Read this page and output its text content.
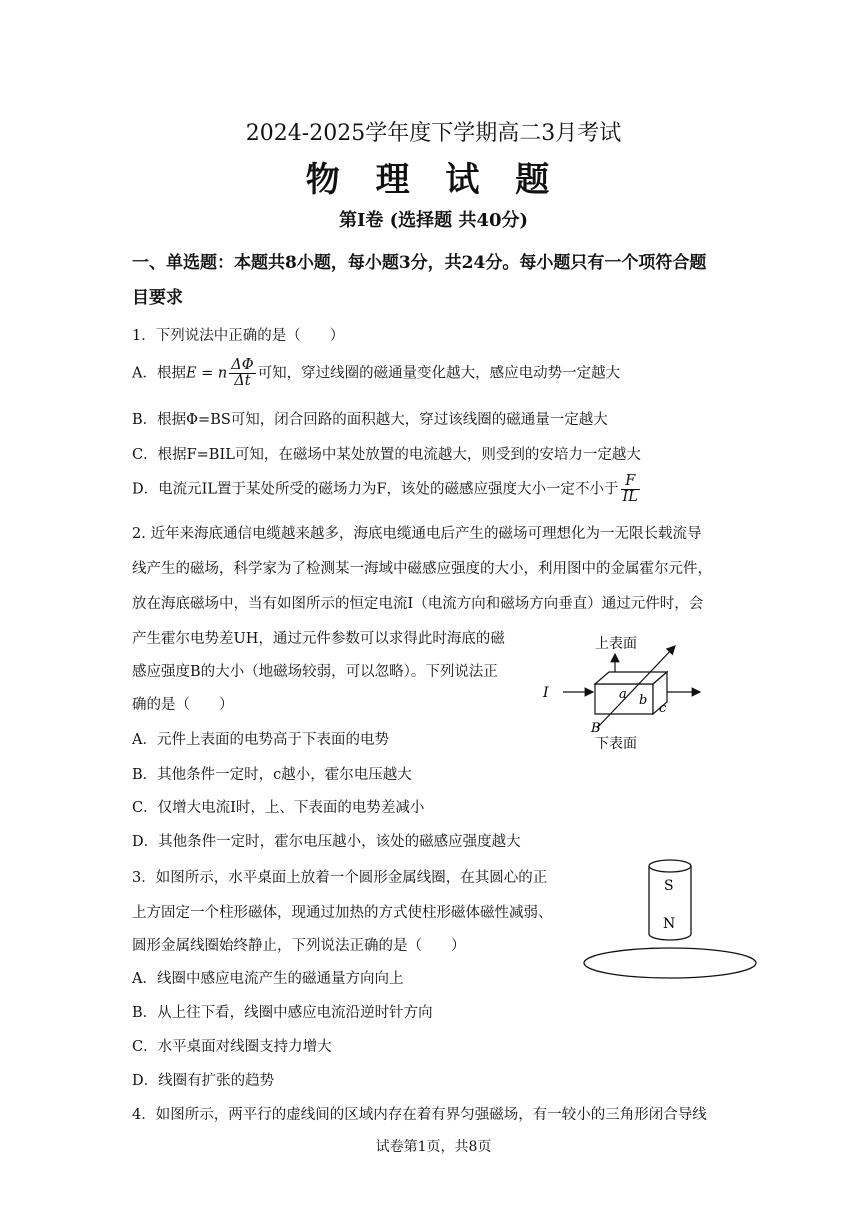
2024-2025学年度下学期高二3月考试
物 理 试 题
第I卷 (选择题 共40分)
一、单选题：本题共8小题，每小题3分，共24分。每小题只有一个项符合题
目要求
1．下列说法中正确的是（　　）
A．根据E = n $\frac{\Delta\Phi}{\Delta t}$ 可知，穿过线圈的磁通量变化越大，感应电动势一定越大
B．根据Φ=BS可知，闭合回路的面积越大，穿过该线圈的磁通量一定越大
C．根据F=BIL可知，在磁场中某处放置的电流越大，则受到的安培力一定越大
D．电流元IL置于某处所受的磁场力为F，该处的磁感应强度大小一定不小于 $\frac{F}{IL}$
2. 近年来海底通信电缆越来越多，海底电缆通电后产生的磁场可理想化为一无限长载流导
线产生的磁场，科学家为了检测某一海域中磁感应强度的大小，利用图中的金属霍尔元件，
放在海底磁场中，当有如图所示的恒定电流I（电流方向和磁场方向垂直）通过元件时，会
产生霍尔电势差UH，通过元件参数可以求得此时海底的磁
感应强度B的大小（地磁场较弱，可以忽略）。下列说法正
确的是（　　）
A．元件上表面的电势高于下表面的电势
B．其他条件一定时，c越小，霍尔电压越大
C．仅增大电流I时，上、下表面的电势差减小
D．其他条件一定时，霍尔电压越小，该处的磁感应强度越大
上表面
I	a b
c
B
下表面
3．如图所示，水平桌面上放着一个圆形金属线圈，在其圆心的正
上方固定一个柱形磁体，现通过加热的方式使柱形磁体磁性减弱、
圆形金属线圈始终静止，下列说法正确的是（　　）
A．线圈中感应电流产生的磁通量方向向上
B．从上往下看，线圈中感应电流沿逆时针方向
C．水平桌面对线圈支持力增大
D．线圈有扩张的趋势
S
N
4．如图所示，两平行的虚线间的区域内存在着有界匀强磁场，有一较小的三角形闭合导线
试卷第1页，共8页
